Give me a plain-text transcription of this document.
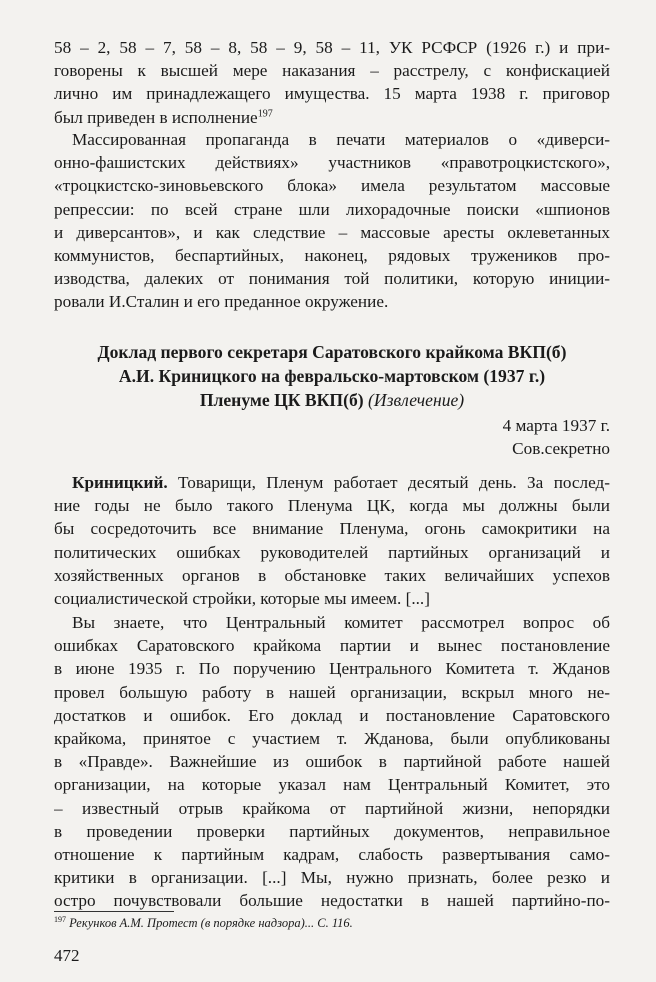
58 – 2, 58 – 7, 58 – 8, 58 – 9, 58 – 11, УК РСФСР (1926 г.) и при-
говорены к высшей мере наказания – расстрелу, с конфискацией
лично им принадлежащего имущества. 15 марта 1938 г. приговор
был приведен в исполнение$^{197}$
Массированная пропаганда в печати материалов о «диверси-
онно-фашистских действиях» участников «правотроцкистского»,
«троцкистско-зиновьевского блока» имела результатом массовые
репрессии: по всей стране шли лихорадочные поиски «шпионов
и диверсантов», и как следствие – массовые аресты оклеветанных
коммунистов, беспартийных, наконец, рядовых тружеников про-
изводства, далеких от понимания той политики, которую иниции-
ровали И.Сталин и его преданное окружение.
Доклад первого секретаря Саратовского крайкома ВКП(б)
А.И. Криницкого на февральско-мартовском (1937 г.)
Пленуме ЦК ВКП(б) (Извлечение)
4 марта 1937 г.
Сов.секретно
Криницкий. Товарищи, Пленум работает десятый день. За послед-
ние годы не было такого Пленума ЦК, когда мы должны были
бы сосредоточить все внимание Пленума, огонь самокритики на
политических ошибках руководителей партийных организаций и
хозяйственных органов в обстановке таких величайших успехов
социалистической стройки, которые мы имеем. [...]
Вы знаете, что Центральный комитет рассмотрел вопрос об
ошибках Саратовского крайкома партии и вынес постановление
в июне 1935 г. По поручению Центрального Комитета т. Жданов
провел большую работу в нашей организации, вскрыл много не-
достатков и ошибок. Его доклад и постановление Саратовского
крайкома, принятое с участием т. Жданова, были опубликованы
в «Правде». Важнейшие из ошибок в партийной работе нашей
организации, на которые указал нам Центральный Комитет, это
– известный отрыв крайкома от партийной жизни, непорядки
в проведении проверки партийных документов, неправильное
отношение к партийным кадрам, слабость развертывания само-
критики в организации. [...] Мы, нужно признать, более резко и
остро почувствовали большие недостатки в нашей партийно-по-
$^{197}$ Рекунков А.М. Протест (в порядке надзора)... С. 116.
472
